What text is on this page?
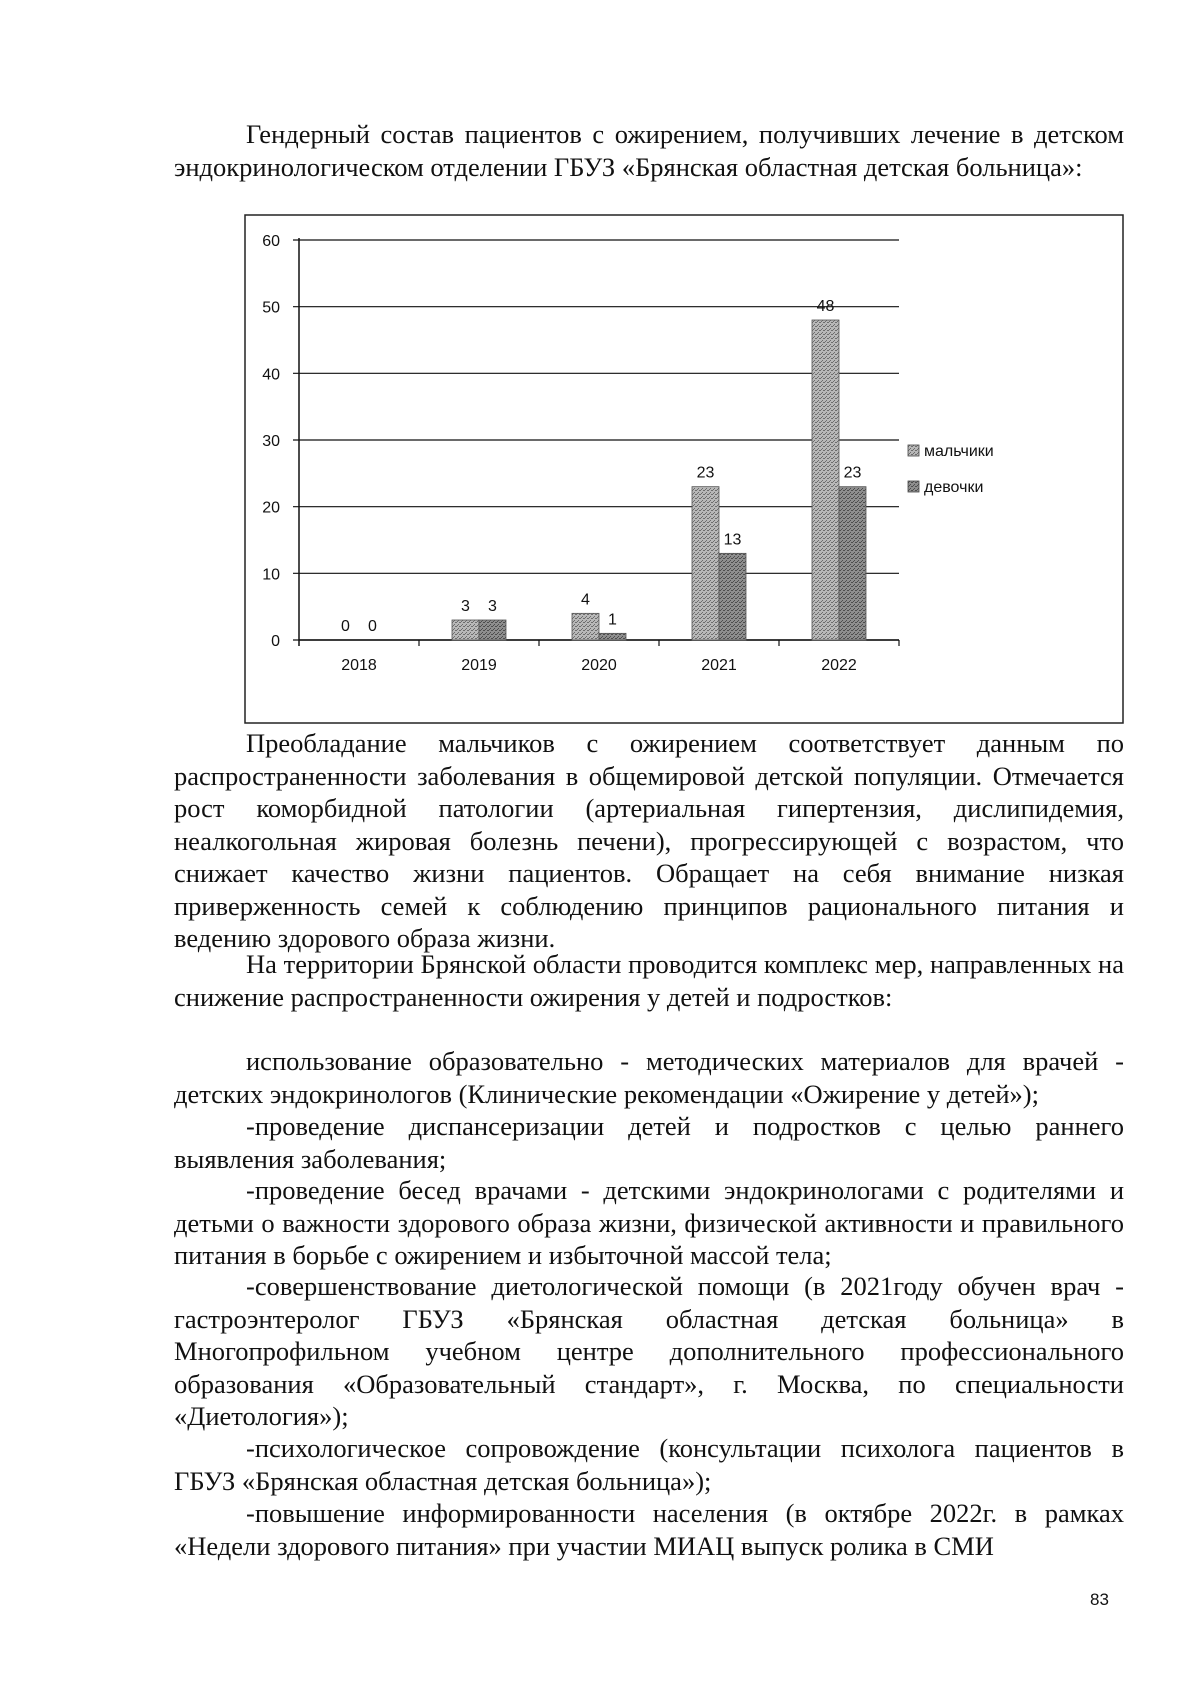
Гендерный состав пациентов с ожирением, получивших лечение в детском эндокринологическом отделении ГБУЗ «Брянская областная детская больница»:

0
10
20
30
40
50
60
0 0
2018
3 3
2019
4
1
2020
23
13
2021
48
23
2022
мальчики
девочки

Преобладание мальчиков с ожирением соответствует данным по распространенности заболевания в общемировой детской популяции. Отмечается рост коморбидной патологии (артериальная гипертензия, дислипидемия, неалкогольная жировая болезнь печени), прогрессирующей с возрастом, что снижает качество жизни пациентов. Обращает на себя внимание низкая приверженность семей к соблюдению принципов рационального питания и ведению здорового образа жизни.

На территории Брянской области проводится комплекс мер, направленных на снижение распространенности ожирения у детей и подростков:

использование образовательно - методических материалов для врачей - детских эндокринологов (Клинические рекомендации «Ожирение у детей»);

-проведение диспансеризации детей и подростков с целью раннего выявления заболевания;

-проведение бесед врачами - детскими эндокринологами с родителями и детьми о важности здорового образа жизни, физической активности и правильного питания в борьбе с ожирением и избыточной массой тела;

-совершенствование диетологической помощи (в 2021году обучен врач - гастроэнтеролог ГБУЗ «Брянская областная детская больница» в Многопрофильном учебном центре дополнительного профессионального образования «Образовательный стандарт», г. Москва, по специальности «Диетология»);

-психологическое сопровождение (консультации психолога пациентов в ГБУЗ «Брянская областная детская больница»);

-повышение информированности населения (в октябре 2022г. в рамках «Недели здорового питания» при участии МИАЦ выпуск ролика в СМИ

83
